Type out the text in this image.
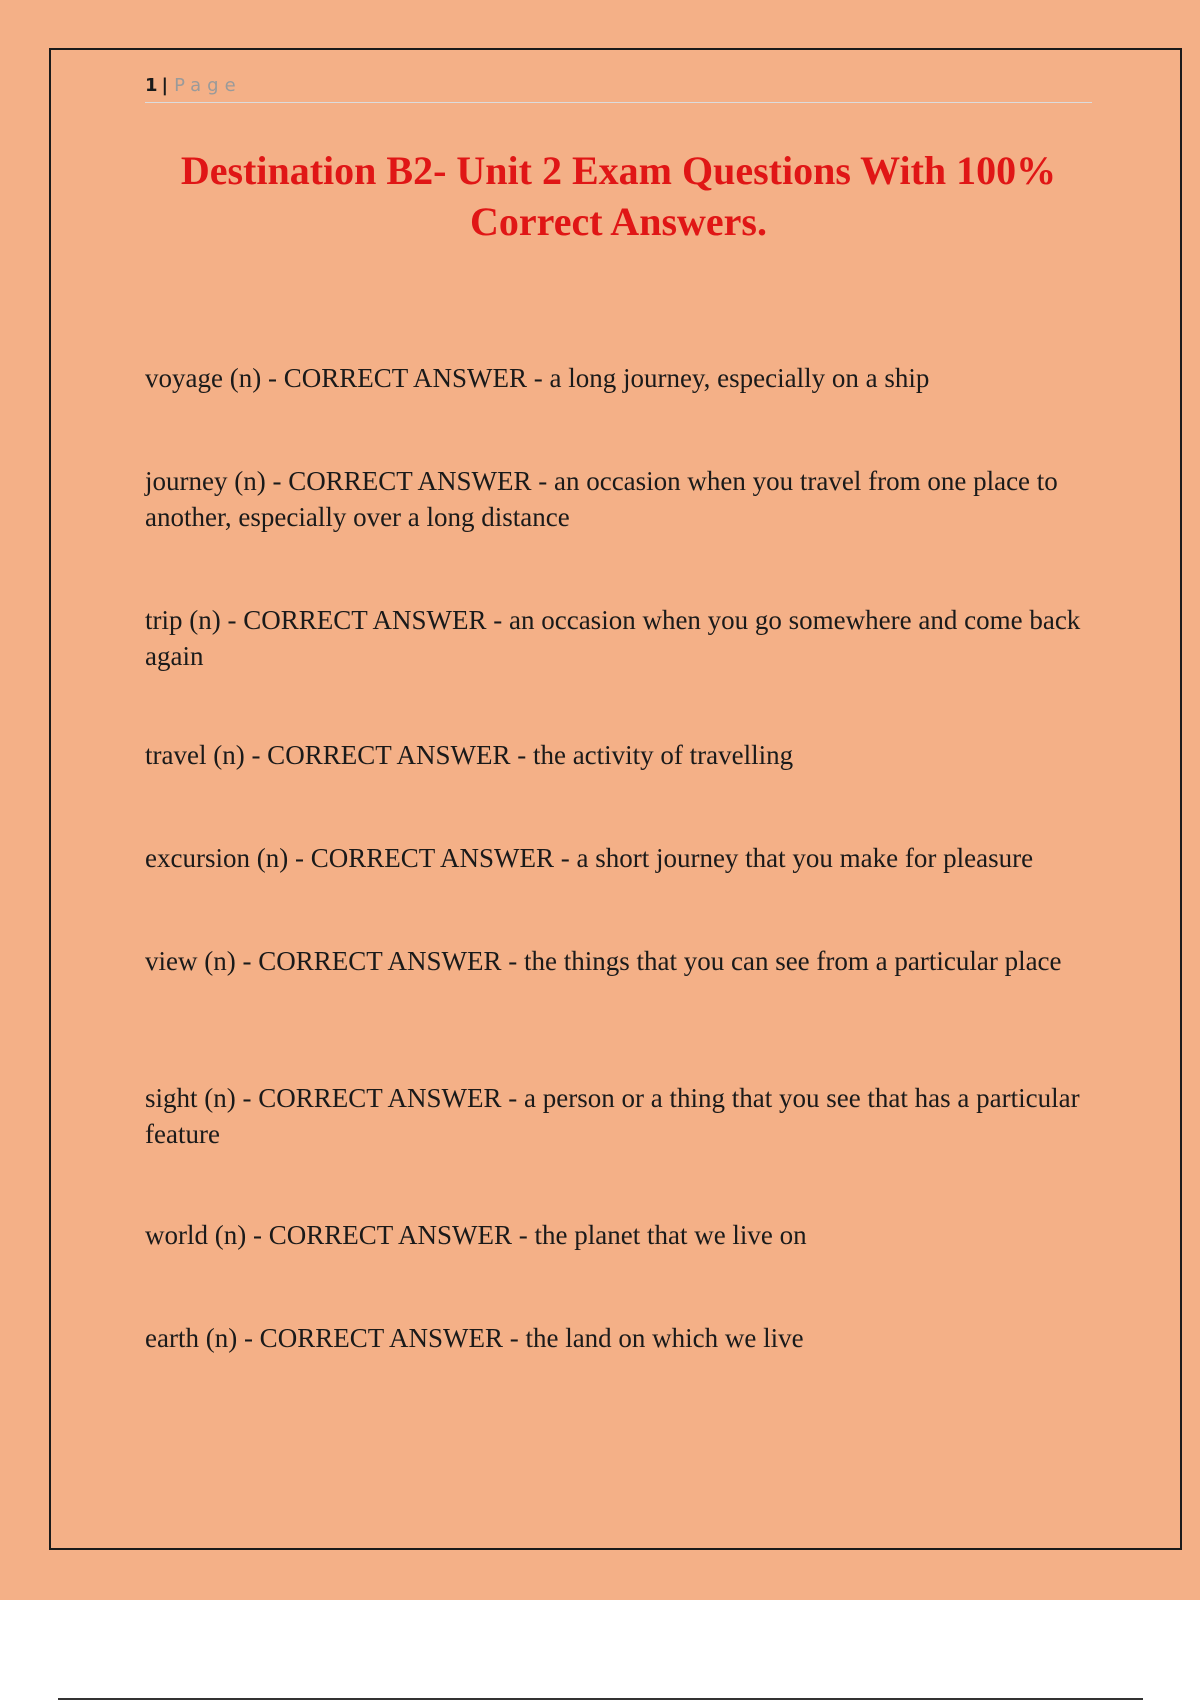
1 | Page
Destination B2- Unit 2 Exam Questions With 100% Correct Answers.
voyage (n) - CORRECT ANSWER - a long journey, especially on a ship
journey (n) - CORRECT ANSWER - an occasion when you travel from one place to another, especially over a long distance
trip (n) - CORRECT ANSWER - an occasion when you go somewhere and come back again
travel (n) - CORRECT ANSWER - the activity of travelling
excursion (n) - CORRECT ANSWER - a short journey that you make for pleasure
view (n) - CORRECT ANSWER - the things that you can see from a particular place
sight (n) - CORRECT ANSWER - a person or a thing that you see that has a particular feature
world (n) - CORRECT ANSWER - the planet that we live on
earth (n) - CORRECT ANSWER - the land on which we live
